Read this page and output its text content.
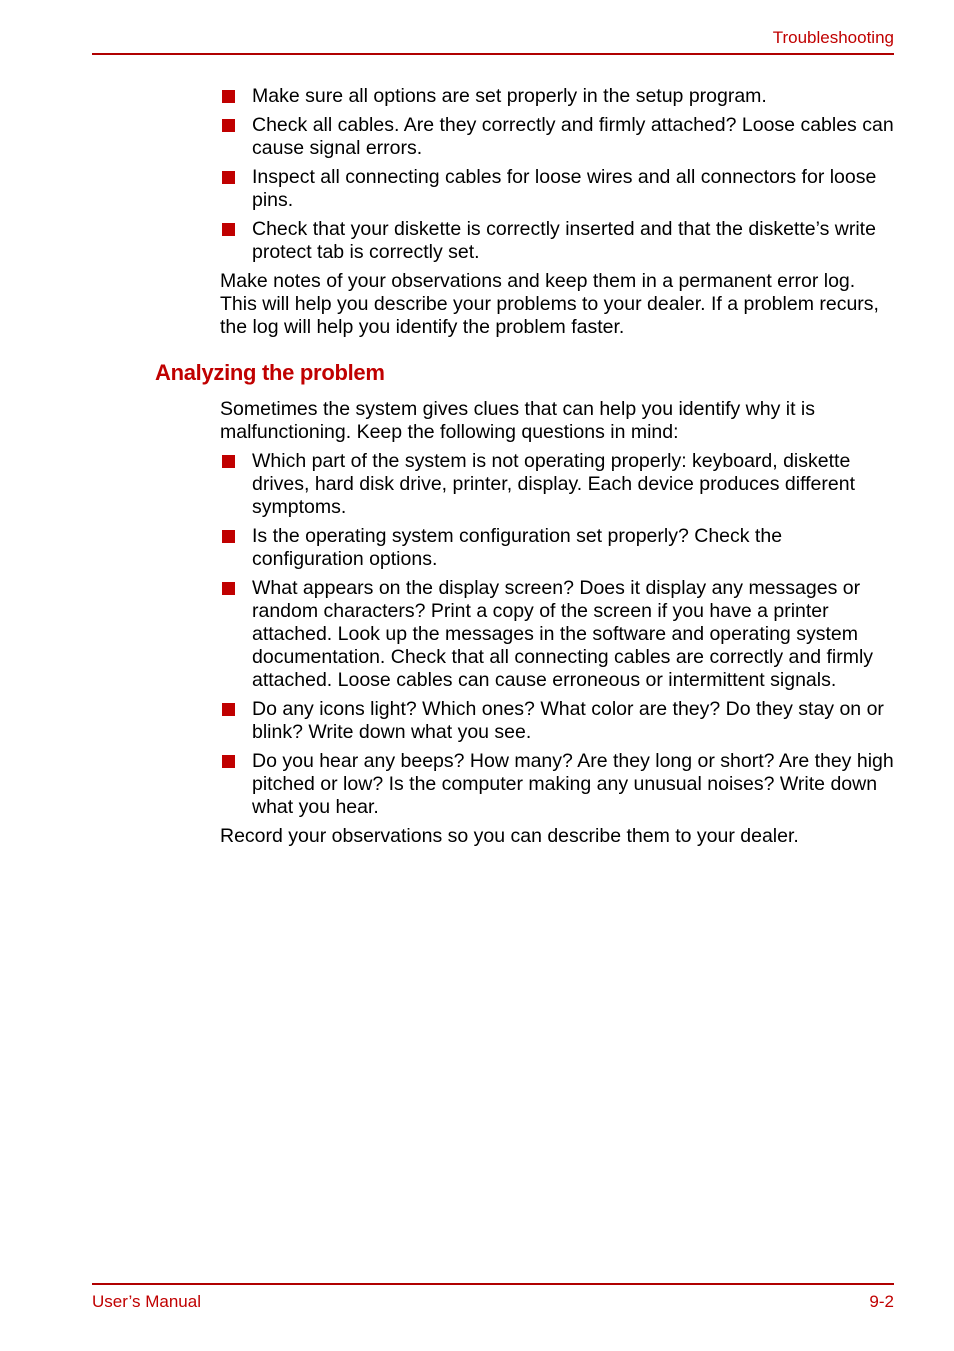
Troubleshooting
Make sure all options are set properly in the setup program.
Check all cables. Are they correctly and firmly attached? Loose cables can cause signal errors.
Inspect all connecting cables for loose wires and all connectors for loose pins.
Check that your diskette is correctly inserted and that the diskette’s write protect tab is correctly set.

Make notes of your observations and keep them in a permanent error log. This will help you describe your problems to your dealer. If a problem recurs, the log will help you identify the problem faster.

Analyzing the problem

Sometimes the system gives clues that can help you identify why it is malfunctioning. Keep the following questions in mind:

Which part of the system is not operating properly: keyboard, diskette drives, hard disk drive, printer, display. Each device produces different symptoms.
Is the operating system configuration set properly? Check the configuration options.
What appears on the display screen? Does it display any messages or random characters? Print a copy of the screen if you have a printer attached. Look up the messages in the software and operating system documentation. Check that all connecting cables are correctly and firmly attached. Loose cables can cause erroneous or intermittent signals.
Do any icons light? Which ones? What color are they? Do they stay on or blink? Write down what you see.
Do you hear any beeps? How many? Are they long or short? Are they high pitched or low? Is the computer making any unusual noises? Write down what you hear.

Record your observations so you can describe them to your dealer.

User’s Manual	9-2
